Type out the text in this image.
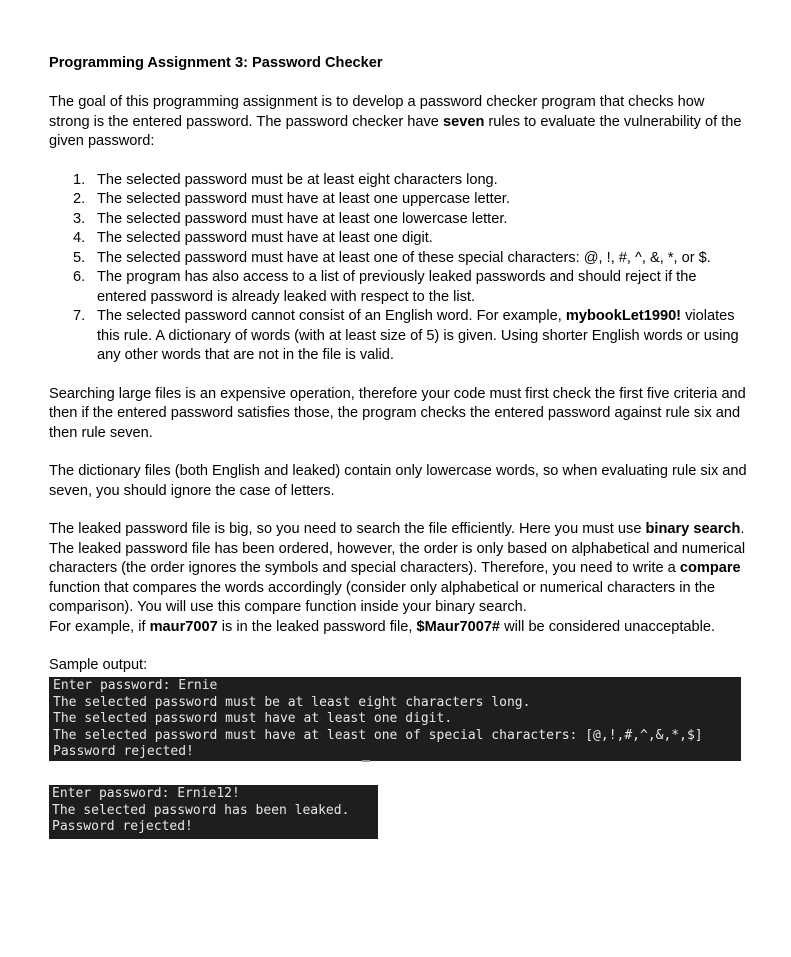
Programming Assignment 3: Password Checker

The goal of this programming assignment is to develop a password checker program that checks how strong is the entered password. The password checker have seven rules to evaluate the vulnerability of the given password:

1. The selected password must be at least eight characters long.
2. The selected password must have at least one uppercase letter.
3. The selected password must have at least one lowercase letter.
4. The selected password must have at least one digit.
5. The selected password must have at least one of these special characters: @, !, #, ^, &, *, or $.
6. The program has also access to a list of previously leaked passwords and should reject if the entered password is already leaked with respect to the list.
7. The selected password cannot consist of an English word. For example, mybookLet1990! violates this rule. A dictionary of words (with at least size of 5) is given. Using shorter English words or using any other words that are not in the file is valid.

Searching large files is an expensive operation, therefore your code must first check the first five criteria and then if the entered password satisfies those, the program checks the entered password against rule six and then rule seven.

The dictionary files (both English and leaked) contain only lowercase words, so when evaluating rule six and seven, you should ignore the case of letters.

The leaked password file is big, so you need to search the file efficiently. Here you must use binary search. The leaked password file has been ordered, however, the order is only based on alphabetical and numerical characters (the order ignores the symbols and special characters). Therefore, you need to write a compare function that compares the words accordingly (consider only alphabetical or numerical characters in the comparison). You will use this compare function inside your binary search.
For example, if maur7007 is in the leaked password file, $Maur7007# will be considered unacceptable.

Sample output:

Enter password: Ernie
The selected password must be at least eight characters long.
The selected password must have at least one digit.
The selected password must have at least one of special characters: [@,!,#,^,&,*,$]
Password rejected!
Enter password: Ernie12!
The selected password has been leaked.
Password rejected!
